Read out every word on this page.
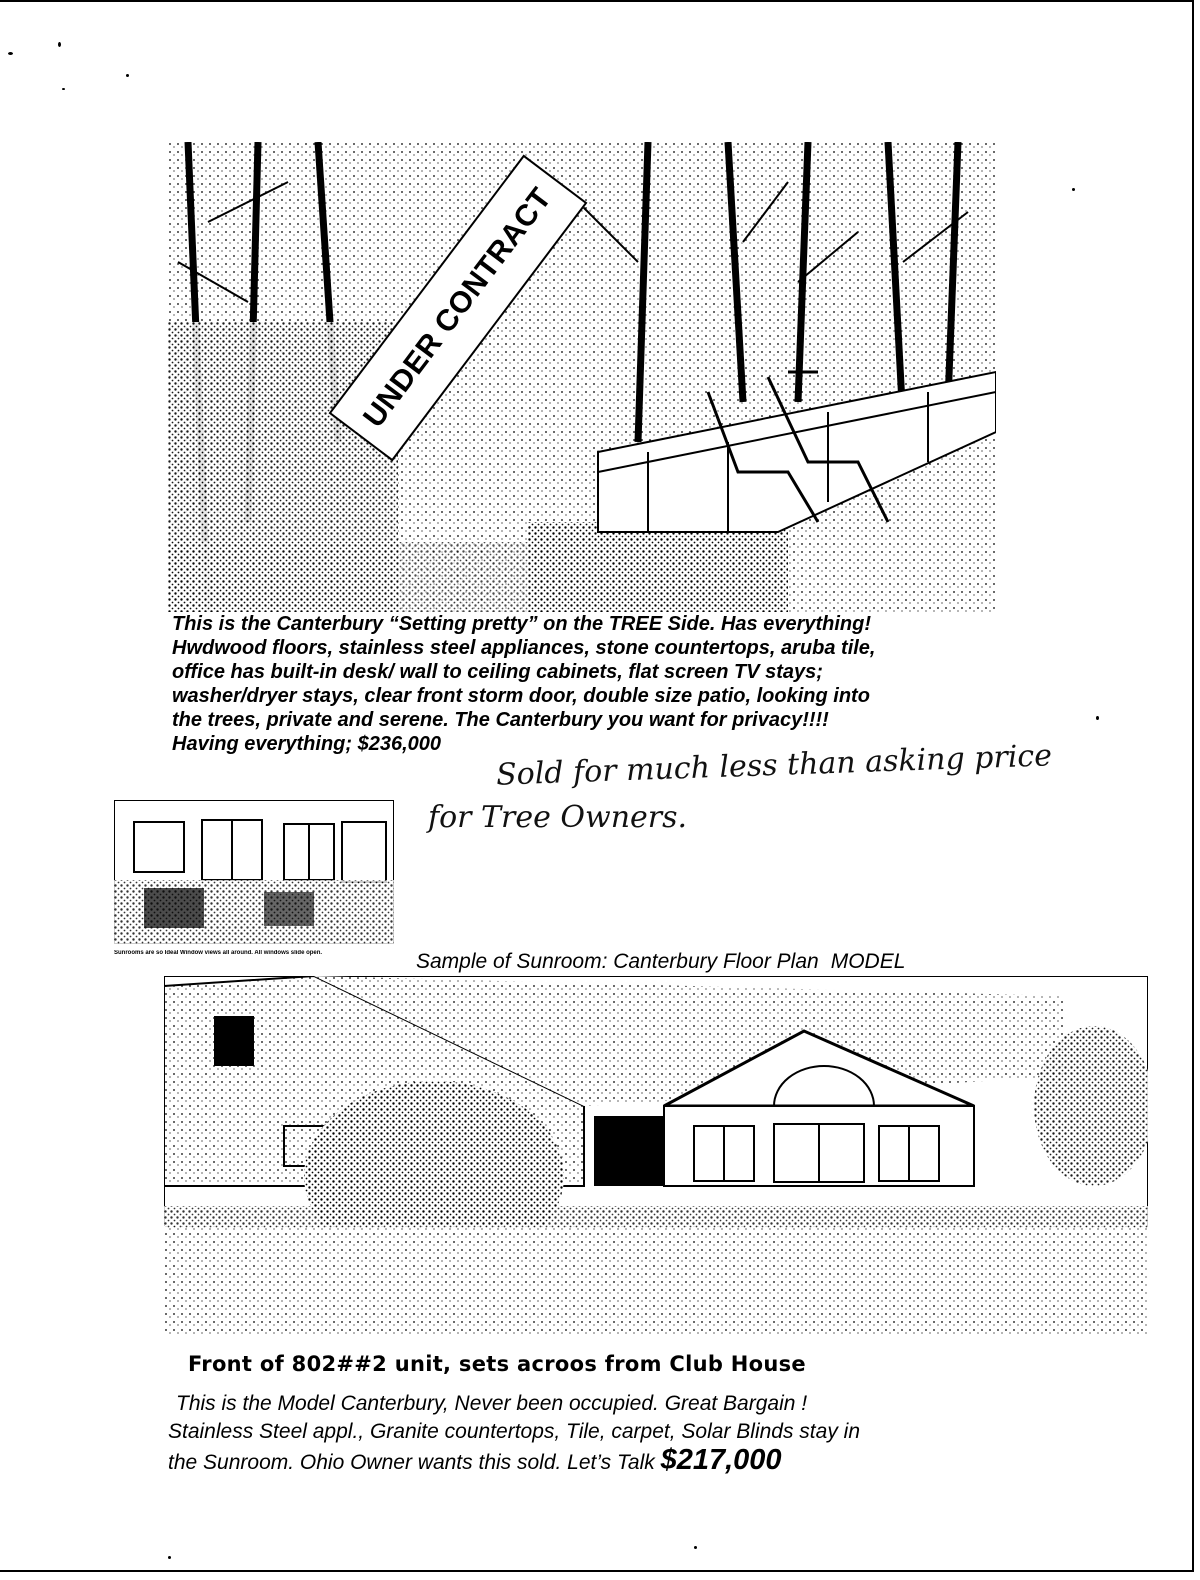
UNDER CONTRACT

This is the Canterbury “Setting pretty” on the TREE Side. Has everything!

Hwdwood floors, stainless steel appliances, stone countertops, aruba tile,

office has built-in desk/ wall to ceiling cabinets, flat screen TV stays;

washer/dryer stays, clear front storm door, double size patio, looking into

the trees, private and serene. The Canterbury you want for privacy!!!!

Having everything; $236,000	Sold for much less than asking price
for Tree Owners.
Sunrooms are so Ideal Window views all around. All windows slide open.	Sample of Sunroom: Canterbury Floor Plan MODEL
Front of 802##2 unit, sets acroos from Club House

This is the Model Canterbury, Never been occupied. Great Bargain !

Stainless Steel appl., Granite countertops, Tile, carpet, Solar Blinds stay in

the Sunroom. Ohio Owner wants this sold. Let’s Talk $217,000
